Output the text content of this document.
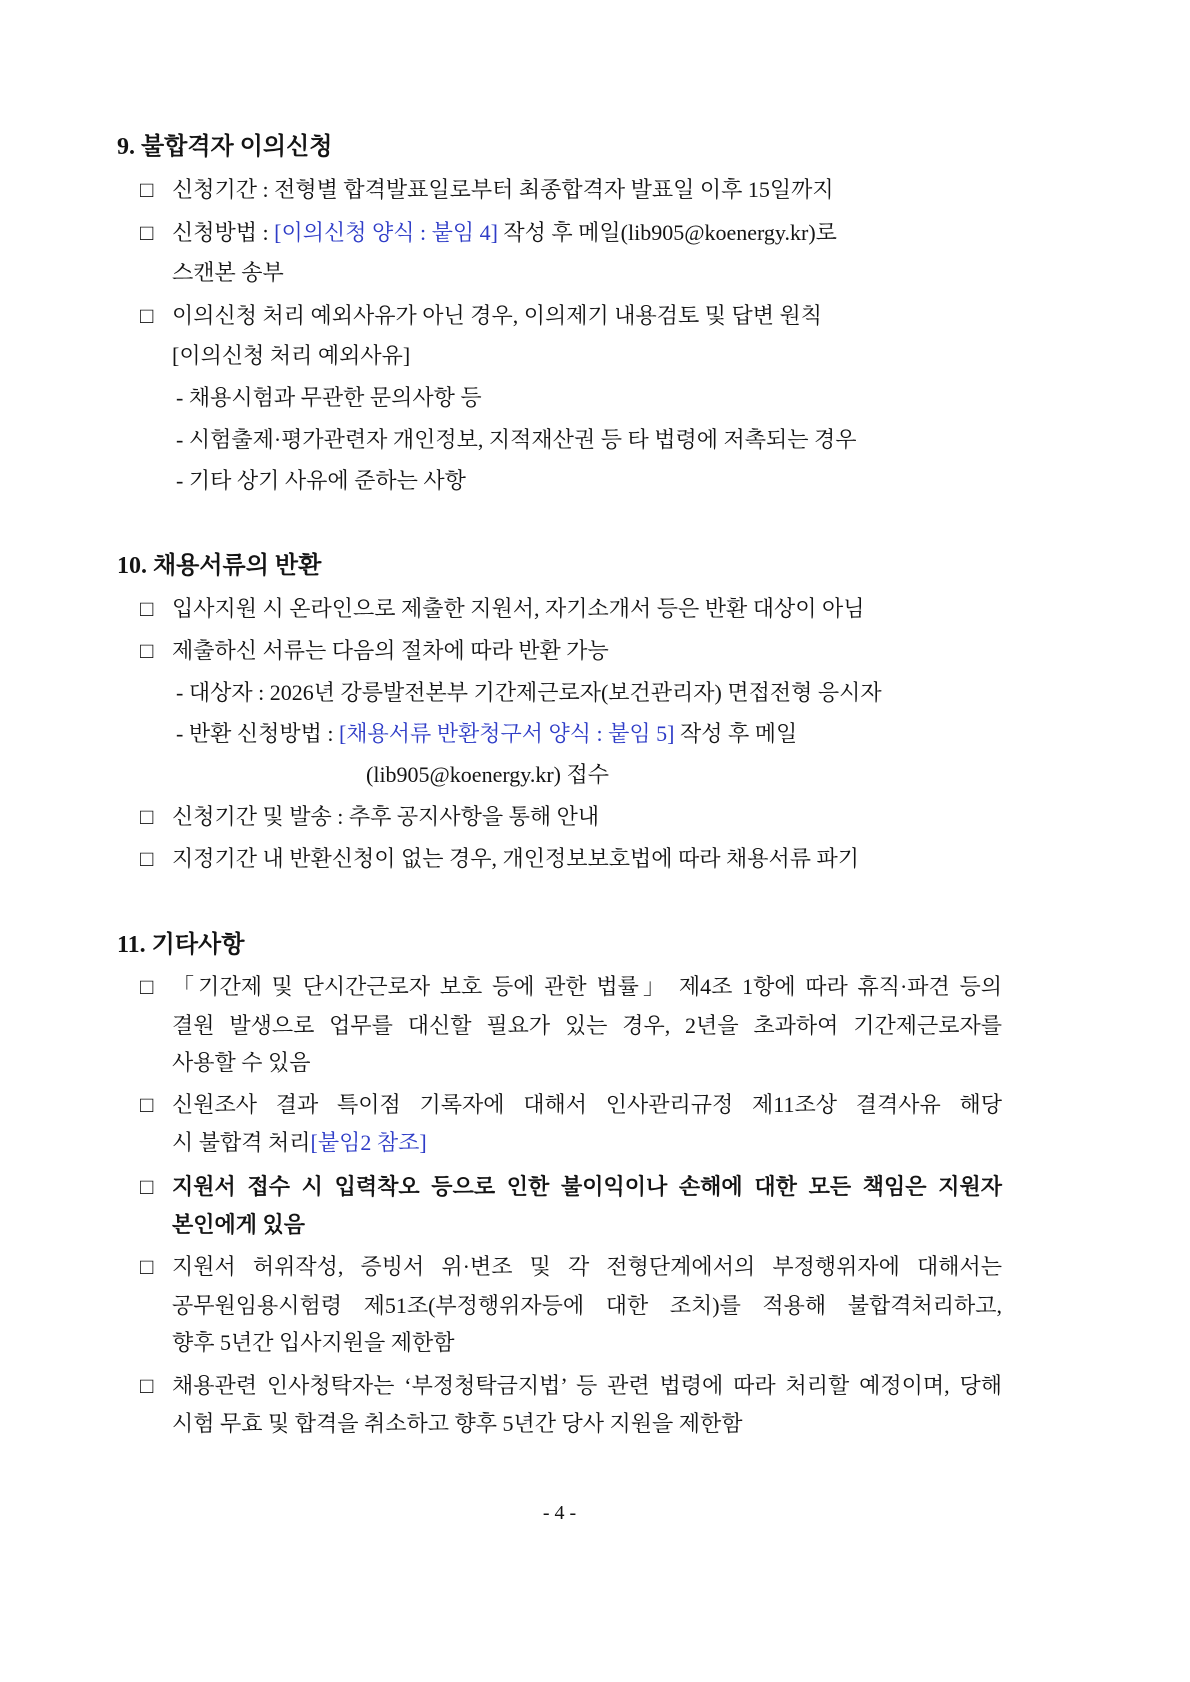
9. 불합격자 이의신청
□ 신청기간 : 전형별 합격발표일로부터 최종합격자 발표일 이후 15일까지
□ 신청방법 : [이의신청 양식 : 붙임 4] 작성 후 메일(lib905@koenergy.kr)로
스캔본 송부
□ 이의신청 처리 예외사유가 아닌 경우, 이의제기 내용검토 및 답변 원칙
[이의신청 처리 예외사유]
- 채용시험과 무관한 문의사항 등
- 시험출제·평가관련자 개인정보, 지적재산권 등 타 법령에 저촉되는 경우
- 기타 상기 사유에 준하는 사항
10. 채용서류의 반환
□ 입사지원 시 온라인으로 제출한 지원서, 자기소개서 등은 반환 대상이 아님
□ 제출하신 서류는 다음의 절차에 따라 반환 가능
- 대상자 : 2026년 강릉발전본부 기간제근로자(보건관리자) 면접전형 응시자
- 반환 신청방법 : [채용서류 반환청구서 양식 : 붙임 5] 작성 후 메일
(lib905@koenergy.kr) 접수
□ 신청기간 및 발송 : 추후 공지사항을 통해 안내
□ 지정기간 내 반환신청이 없는 경우, 개인정보보호법에 따라 채용서류 파기
11. 기타사항
□ 「기간제 및 단시간근로자 보호 등에 관한 법률」 제4조 1항에 따라 휴직·파견 등의
결원 발생으로 업무를 대신할 필요가 있는 경우, 2년을 초과하여 기간제근로자를
사용할 수 있음
□ 신원조사 결과 특이점 기록자에 대해서 인사관리규정 제11조상 결격사유 해당
시 불합격 처리[붙임2 참조]
□ 지원서 접수 시 입력착오 등으로 인한 불이익이나 손해에 대한 모든 책임은 지원자
본인에게 있음
□ 지원서 허위작성, 증빙서 위·변조 및 각 전형단계에서의 부정행위자에 대해서는
공무원임용시험령 제51조(부정행위자등에 대한 조치)를 적용해 불합격처리하고,
향후 5년간 입사지원을 제한함
□ 채용관련 인사청탁자는 ‘부정청탁금지법’ 등 관련 법령에 따라 처리할 예정이며, 당해
시험 무효 및 합격을 취소하고 향후 5년간 당사 지원을 제한함
- 4 -
